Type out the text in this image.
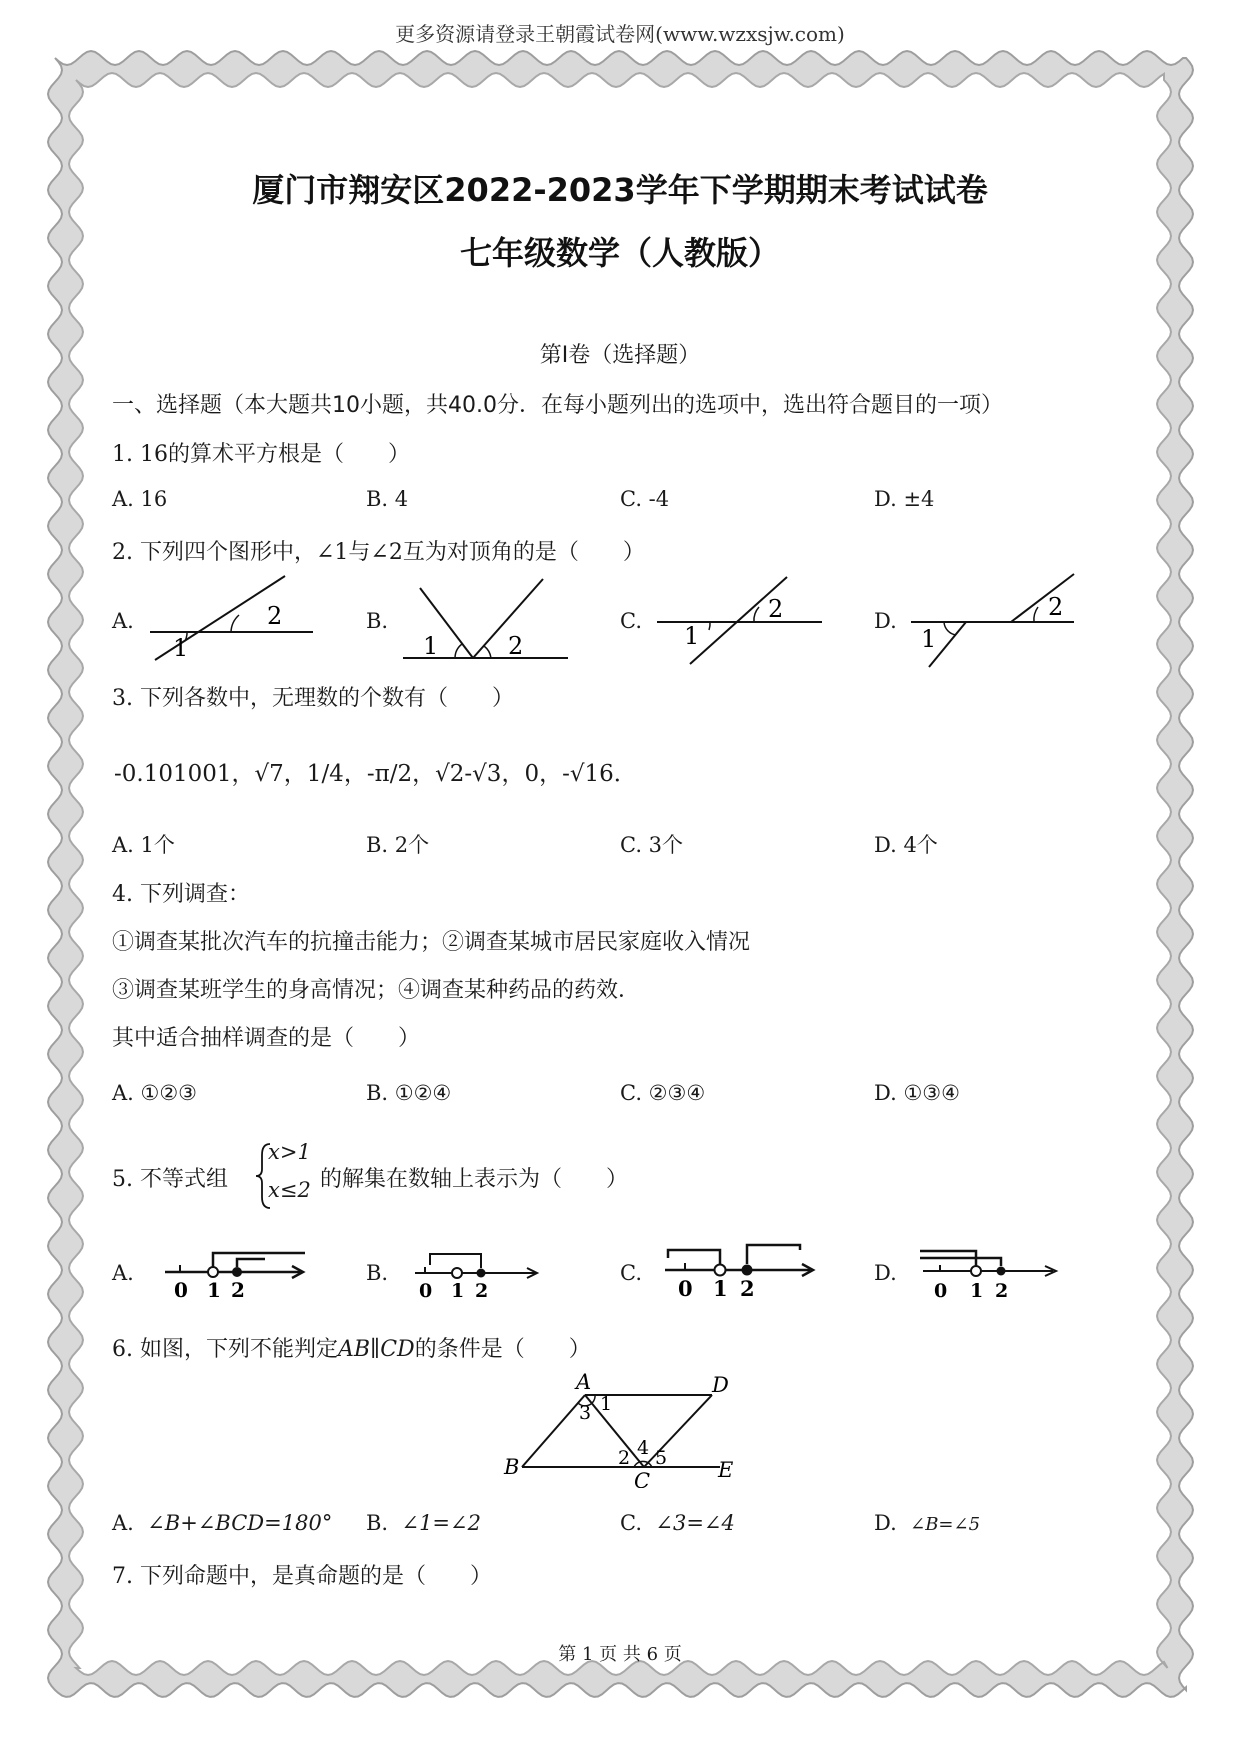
更多资源请登录王朝霞试卷网(www.wzxsjw.com)
厦门市翔安区2022-2023学年下学期期末考试试卷
七年级数学（人教版）
第Ⅰ卷（选择题）
一、选择题（本大题共10小题，共40.0分．在每小题列出的选项中，选出符合题目的一项）
1. 16的算术平方根是（　　）
A. 16	B. 4	C. -4	D. ±4
2. 下列四个图形中，∠1与∠2互为对顶角的是（　　）
A.	B.	C.	D.
2
1	1	2
2
1
2
1
3. 下列各数中，无理数的个数有（　　）
-0.101001，√7，1/4，-π/2，√2-√3，0，-√16．
A. 1个	B. 2个	C. 3个	D. 4个
4. 下列调查：
①调查某批次汽车的抗撞击能力；②调查某城市居民家庭收入情况
③调查某班学生的身高情况；④调查某种药品的药效．
其中适合抽样调查的是（　　）
A. ①②③	B. ①②④	C. ②③④	D. ①③④
5. 不等式组
x>1
x≤2 的解集在数轴上表示为（　　）
A.	B.	C.	D.
0 1 2	0 1 2	0 1 2	0 1 2
6. 如图，下列不能判定AB∥CD的条件是（　　）
A	D
B
C	E
1
3
2 4 5
A. ∠B+∠BCD=180° B. ∠1=∠2	C. ∠3=∠4	D. ∠B=∠5
7. 下列命题中，是真命题的是（　　）
第 1 页 共 6 页
